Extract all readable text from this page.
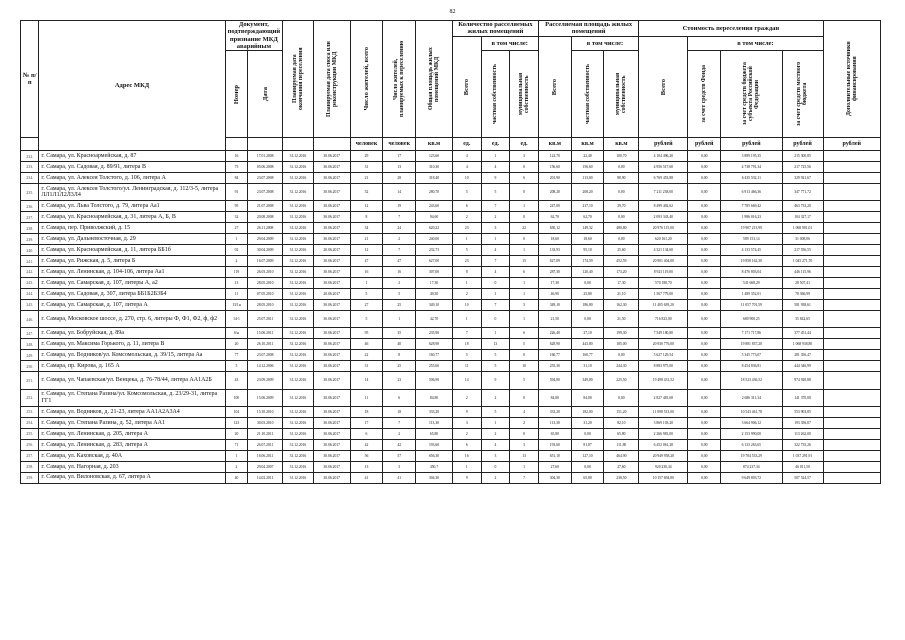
82
№ п/п	Адрес МКД	Документ, подтверждающий признание МКД аварийным		Планируемая дата окончания переселения	Планируемая дата сноса или реконструкции МКД	Число жителей, всего	Число жителей, планируемых к переселению	Общая площадь жилых помещений МКД	Количество расселяемых жилых помещений			Расселяемая площадь жилых помещений			Стоимость переселения граждан				Дополнительные источники финансирования

									Всего	в том числе:		Всего	в том числе:		Всего	в том числе:			

		Номер	Дата							частная собственность	муниципальная собственность		частная собственность	муниципальная собственность		за счет средств Фонда	за счет средств бюджета субъекта Российской Федерации	за счет средств местного бюджета	

						человек	человек	кв.м	ед.	ед.	ед.	кв.м	кв.м	кв.м	рублей	рублей	рублей	рублей	рублей
232.	г. Самара, ул. Красноармейская, д. 87	16	17.01.2008	31.12.2016	30.06.2017	29	17	123,60	4	1	3	122,70	22,40	100,70	4 104 496,20	0,00	3 889 195,35	215 300,85	
233.	г. Самара, ул. Садовая, д. 89/91, литера В	75	05.06.2008	31.12.2016	30.06.2017	31	13	310,30	4	4	0	156,60	156,60	0,00	4 956 517,60	0,00	4 738 791,34	217 725,56	
234.	г. Самара, ул. Алексея Толстого, д. 106, литера А	84	23.07.2008	31.12.2016	30.06.2017	21	28	318,40	10	9	6	201,90	113,00	88,90	6 769 453,88	0,00	6 435 532,11	329 921,67	
235.	г. Самара, ул. Алексея Толстого/ул. Ленинградская, д. 112/3-5, литера ЛЛ1Л1Л2Л3Л4	91	23.07.2008	31.12.2016	30.06.2017	52	14	280,70	5	5	0	208,20	208,20	0,00	7 211 238,00	0,00	6 913 466,36	347 771,72	
236.	г. Самара, ул. Льва Толстого, д. 79, литера Аа1	95	21.07.2008	31.12.2016	30.06.2017	12	19	243,60	6	7	1	247,00	217,10	29,70	8 499 402,62	0,00	7 785 669,42	463 733,20	
237.	г. Самара, ул. Красноармейская, д. 31, литера А, Б, В	32	20.08.2008	31.12.2016	30.06.2017	8	7	94,60	2	2	0	62,70	62,70	0,00	2 093 343,40	0,00	1 986 016,23	104 327,17	
238.	г. Самара, пер. Приволжский, д. 15	27	26.11.2008	31.12.2016	30.06.2017	34	24	620,22	23	3	22	650,12	149,32	480,80	20 976 115,00	0,00	19 907 213,99	1 068 901,01	
239.	г. Самара, ул. Дальневосточная, д. 29	1	29.04.2009	31.12.2016	30.06.2017	21	2	240,00	1	1	0	18,60	18,60	0,00	620 161,20	0,00	589 153,14	31 008,06	
240.	г. Самара, ул. Красноармейская, д. 11, литера ББ1б	02	30.04.2009	31.12.2016	20.06.2017	12	7	232,73	5	4	1	133,93	95,10	25,60	4 321 134,60	0,00	4 133 574,45	217 556,55	
241.	г. Самара, ул. Рижская, д. 5, литера Б	2	16.07.2009	31.12.2016	30.06.2017	47	47	627,00	23	7	15	627,09	174,59	452,59	20 901 404,00	0,00	19 858 162,30	1 045 271,70	
242.	г. Самара, ул. Ленинская, д. 104-106, литера Аа1	119	26.03.2010	31.12.2016	30.06.2017	16	16	307,00	8	4	6	287,30	120,40	173,20	8 923 119,00	0,00	8 476 803,04	446 115,96	
243.	г. Самара, ул. Самарская, д. 107, литеры А, а2	13	28.05.2010	31.12.2016	30.06.2017	1	2	17,30	1	0	1	17,30	0,00	17,30	570 188,70	0,00	541 668,29	28 507,41	
244.	г. Самара, ул. Садовая, д. 307, литера ББ1Б2Б3Б4	11	07.05.2010	31.12.2016	20.06.2017	5	5	49,30	2	1	1	46,90	25,80	21,10	1 567 779,00	0,00	1 489 352,01	78 366,99	
245.	г. Самара, ул. Самарская, д. 107, литера А	13/1н	28.05.2010	31.12.2016	30.06.2017	27	25	349,10	10	7	3	349,10	186,80	162,30	11 405 639,20	0,00	11 057 701,59	581 938,61	
246.	г. Самара, Московское шоссе, д. 270, стр. 6, литеры Ф, Ф1, Ф2, ф, ф2	14-1	25.07.2011	31.12.2016	30.06.2017	5	1	42,70	1	0	1	21,50	0,00	21,50	716 823,00	0,00	680 900,25	35 842,65	
247.	г. Самара, ул. Бобруйская, д. 89а	6/н	15.06.2011	31.12.2016	30.06.2017	95	35	235,90	7	1	6	226,40	27,10	199,30	7 549 180,80	0,00	7 171 717,86	377 451,44	
248.	г. Самара, ул. Максима Горького, д. 11, литера В	20	26.10.2011	31.12.2016	30.06.2017	46	40	628,90	18	13	5	628,90	443,80	185,00	20 930 776,00	0,00	19 881 837,20	1 068 938,80	
249.	г. Самара, ул. Водников/ул. Комсомольская, д. 39/15, литера Аа	77	23.07.2008	31.12.2016	30.06.2017	22	8	160,77	5	5	0	160,77	160,77	0,00	5 627 129,54	0,00	5 345 773,07	281 356,47	
250.	г. Самара, пр. Кирова, д. 165 А	5	14.12.2006	31.12.2016	30.06.2017	31	25	255,60	11	5	10	255,30	31,10	244,30	8 883 975,00	0,00	8 454 836,81	444 346,99	
251.	г. Самара, ул. Чапаевская/ул. Венцека, д. 76-78/44, литера АА1А2Б	43	23.09.2009	31.12.2016	30.06.2017	14	23	506,90	14	9	5	594,80	349,80	225,50	19 498 431,52	0,00	18 523 436,52	974 920,88	
252.	г. Самара, ул. Степана Разина/ул. Комсомольская, д. 23/29-31, литера ГГ1	100	15.06.2009	31.12.2016	30.06.2017	11	6	84,80	2	2	0	84,80	84,80	0,00	2 827 481,68	0,00	2 686 311,34	141 370,08	
253.	г. Самара, ул. Водников, д. 21-23, литера АА1А2А3А4	104	15.10.2010	31.12.2016	30.06.2017	18	18	333,20	9	5	4	333,20	182,00	151,20	11 098 513,00	0,00	10 543 461,78	553 903,85	
254.	г. Самара, ул. Степана Разина, д. 52, литера АА1	123	30.03.2010	31.12.2016	30.06.2017	17	7	113,30	3	1	2	113,30	31,20	82,10	3 869 103,20	0,00	3 664 906,12	193 356,07	
255.	г. Самара, ул. Ленинская, д. 205, литера А	20	21.10.2011	31.12.2016	30.06.2017	6	2	65,80	2	2	0	65,80	0,00	65,80	2 266 981,00	0,00	2 153 990,00	113 262,00	
256.	г. Самара, ул. Ленинская, д. 283, литера А	71	26.07.2011	31.12.2016	30.06.2017	42	42	193,60	6	4	3	193,60	81,87	111,80	6 452 061,28	0,00	6 133 263,65	322 735,26	
257.	г. Самара, ул. Каховская, д. 40А	1	16.06.2011	31.12.2016	30.06.2017	56	57	656,30	16	3	13	651,10	127,10	464,90	20 949 958,20	0,00	19 704 533,29	1 037 291,91	
258.	г. Самара, ул. Нагорная, д. 203	2	29.04.2007	31.12.2016	30.06.2017	13	3	450,7	1	0	1	27,60	0,00	27,60	920 230,34	0,00	874 237,34	46 011,50	
259.	г. Самара, ул. Вилоновская, д. 67, литера А	40	14.02.2011	31.12.2016	30.06.2017	41	41	304,30	9	2	7	304,30	65,80	238,50	10 157 694,80	0,00	9 649 803,72	507 524,57	
